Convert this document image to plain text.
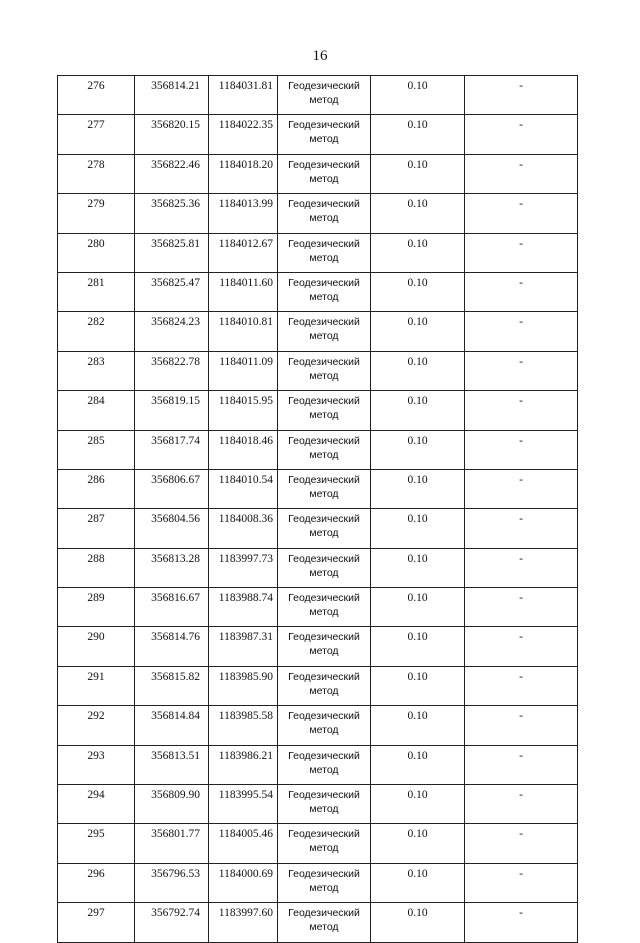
16
276	356814.21	1184031.81	Геодезический метод	0.10	-
277	356820.15	1184022.35	Геодезический метод	0.10	-
278	356822.46	1184018.20	Геодезический метод	0.10	-
279	356825.36	1184013.99	Геодезический метод	0.10	-
280	356825.81	1184012.67	Геодезический метод	0.10	-
281	356825.47	1184011.60	Геодезический метод	0.10	-
282	356824.23	1184010.81	Геодезический метод	0.10	-
283	356822.78	1184011.09	Геодезический метод	0.10	-
284	356819.15	1184015.95	Геодезический метод	0.10	-
285	356817.74	1184018.46	Геодезический метод	0.10	-
286	356806.67	1184010.54	Геодезический метод	0.10	-
287	356804.56	1184008.36	Геодезический метод	0.10	-
288	356813.28	1183997.73	Геодезический метод	0.10	-
289	356816.67	1183988.74	Геодезический метод	0.10	-
290	356814.76	1183987.31	Геодезический метод	0.10	-
291	356815.82	1183985.90	Геодезический метод	0.10	-
292	356814.84	1183985.58	Геодезический метод	0.10	-
293	356813.51	1183986.21	Геодезический метод	0.10	-
294	356809.90	1183995.54	Геодезический метод	0.10	-
295	356801.77	1184005.46	Геодезический метод	0.10	-
296	356796.53	1184000.69	Геодезический метод	0.10	-
297	356792.74	1183997.60	Геодезический метод	0.10	-
